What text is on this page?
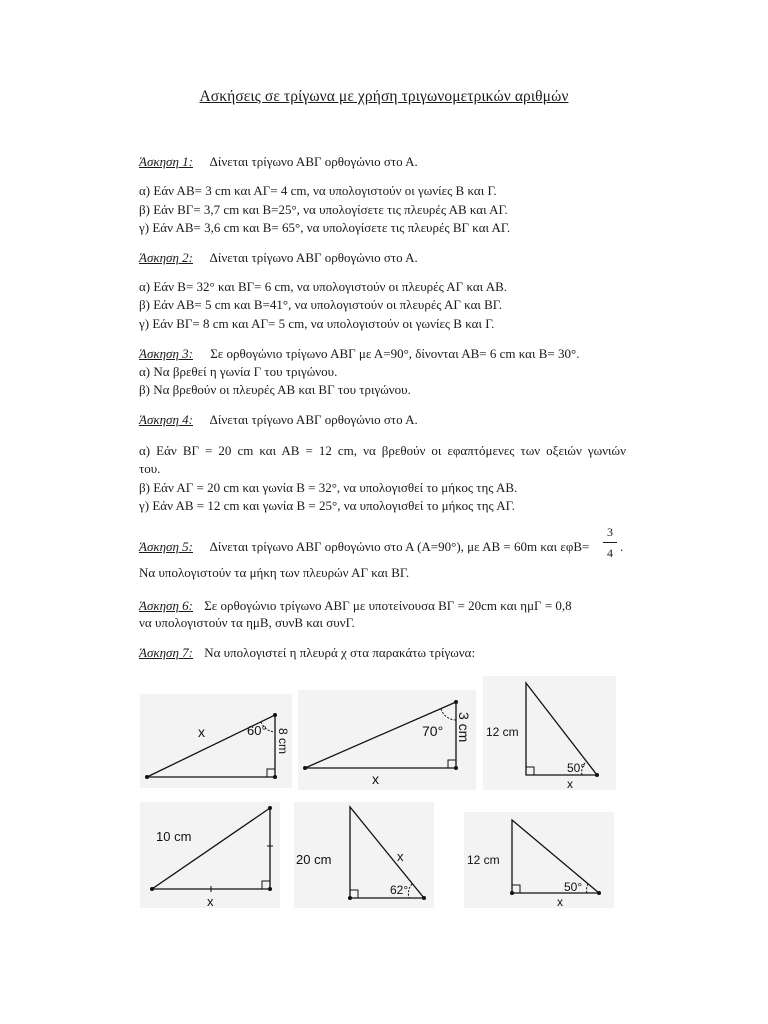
Ασκήσεις σε τρίγωνα με χρήση τριγωνομετρικών αριθμών
Άσκηση 1: Δίνεται τρίγωνο ΑΒΓ ορθογώνιο στο Α.
α) Εάν ΑΒ= 3 cm και ΑΓ= 4 cm, να υπολογιστούν οι γωνίες Β και Γ.
β) Εάν ΒΓ= 3,7 cm και Β=25°, να υπολογίσετε τις πλευρές ΑΒ και ΑΓ.
γ) Εάν ΑΒ= 3,6 cm και Β= 65°, να υπολογίσετε τις πλευρές ΒΓ και ΑΓ.
Άσκηση 2: Δίνεται τρίγωνο ΑΒΓ ορθογώνιο στο Α.
α) Εάν Β= 32° και ΒΓ= 6 cm, να υπολογιστούν οι πλευρές ΑΓ και ΑΒ.
β) Εάν ΑΒ= 5 cm και Β=41°, να υπολογιστούν οι πλευρές ΑΓ και ΒΓ.
γ) Εάν ΒΓ= 8 cm και ΑΓ= 5 cm, να υπολογιστούν οι γωνίες Β και Γ.
Άσκηση 3: Σε ορθογώνιο τρίγωνο ΑΒΓ με Α=90°, δίνονται ΑΒ= 6 cm και Β= 30°.
α) Να βρεθεί η γωνία Γ του τριγώνου.
β) Να βρεθούν οι πλευρές ΑΒ και ΒΓ του τριγώνου.
Άσκηση 4: Δίνεται τρίγωνο ΑΒΓ ορθογώνιο στο Α.
α) Εάν ΒΓ = 20 cm και ΑΒ = 12 cm, να βρεθούν οι εφαπτόμενες των οξειών γωνιών
του.
β) Εάν ΑΓ = 20 cm και γωνία Β = 32°, να υπολογισθεί το μήκος της ΑΒ.
γ) Εάν ΑΒ = 12 cm και γωνία Β = 25°, να υπολογισθεί το μήκος της ΑΓ.
Άσκηση 5: Δίνεται τρίγωνο ΑΒΓ ορθογώνιο στο Α (Α=90°), με ΑΒ = 60m και εφΒ=
3
4 .
Να υπολογιστούν τα μήκη των πλευρών ΑΓ και ΒΓ.
Άσκηση 6: Σε ορθογώνιο τρίγωνο ΑΒΓ με υποτείνουσα ΒΓ = 20cm και ημΓ = 0,8
να υπολογιστούν τα ημΒ, συνΒ και συνΓ.
Άσκηση 7: Να υπολογιστεί η πλευρά χ στα παρακάτω τρίγωνα:
x	60° 8 cm	70° 3 cm
x
12 cm
50°
x
10 cm
x
20 cm	x
62°
12 cm
50°
x
